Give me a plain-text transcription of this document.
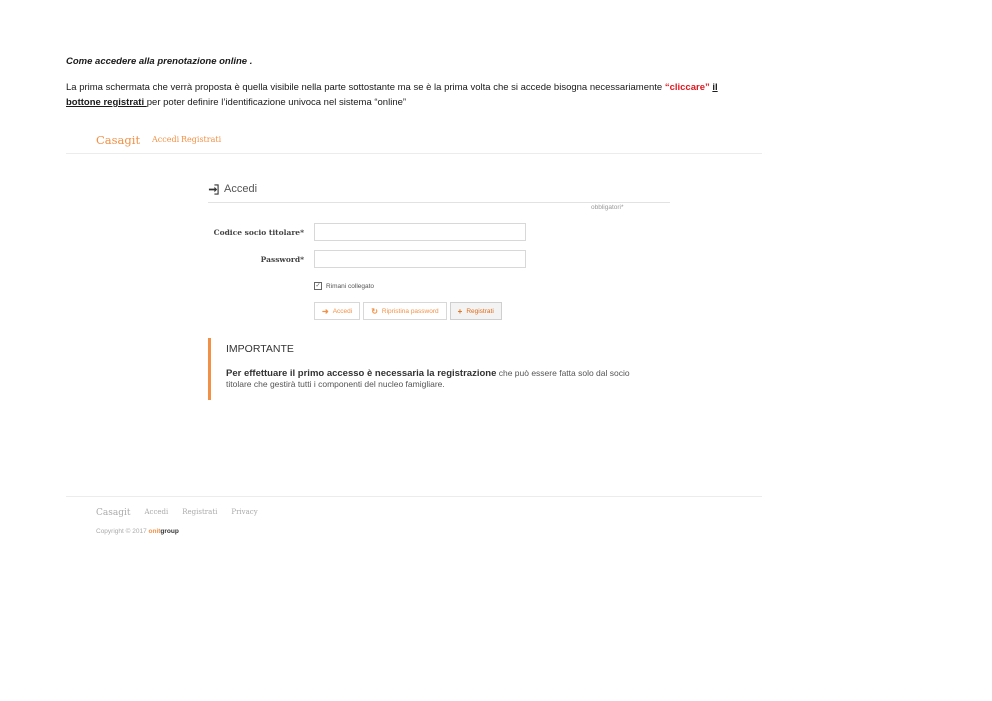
Come accedere alla prenotazione online .
La prima schermata che verrà proposta è quella visibile nella parte sottostante ma se è la prima volta che si accede bisogna necessariamente “cliccare” il
bottone registrati per poter definire l’identificazione univoca nel sistema “online”
Casagit Accedi Registrati
Accedi
obbligatori*
Codice socio titolare*
Password*
✓ Rimani collegato
➜ Accedi ↻ Ripristina password + Registrati
IMPORTANTE
Per effettuare il primo accesso è necessaria la registrazione che può essere fatta solo dal socio titolare che gestirà tutti i componenti del nucleo famigliare.
Casagit Accedi Registrati Privacy
Copyright © 2017 onitgroup
